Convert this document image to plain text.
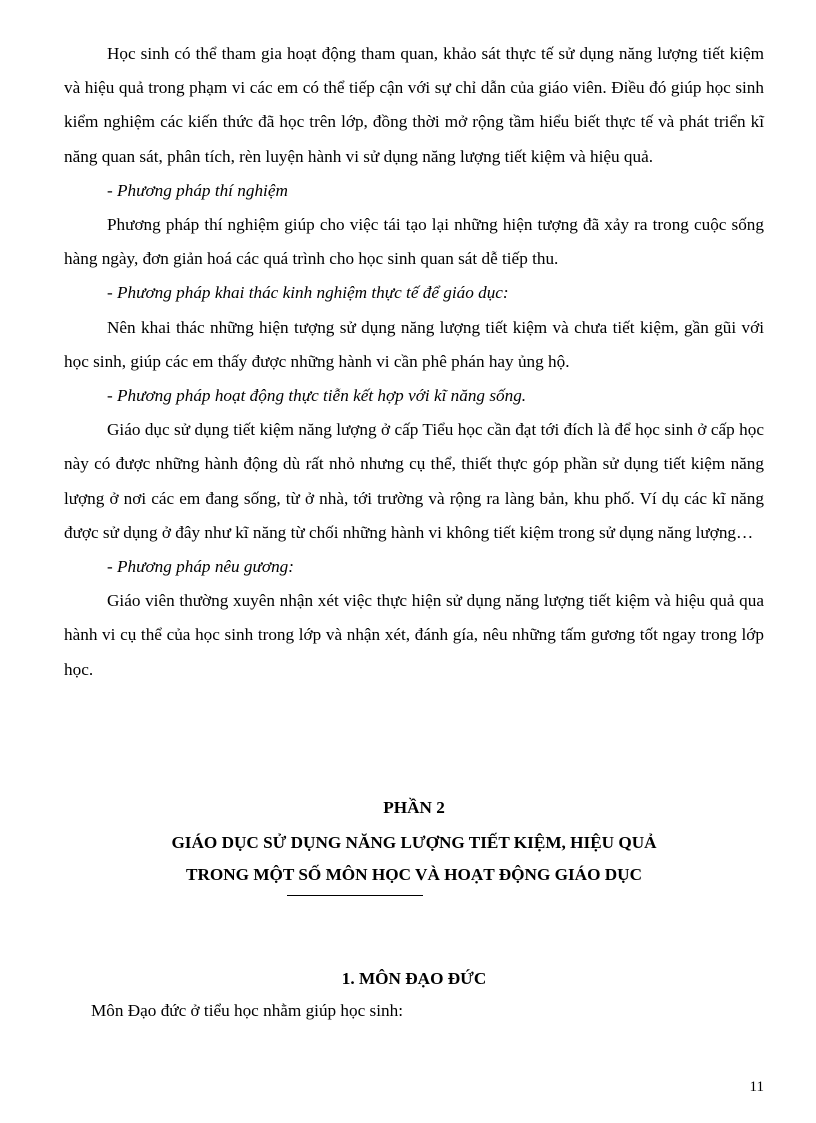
Học sinh có thể tham gia hoạt động tham quan, khảo sát thực tế sử dụng năng lượng tiết kiệm và hiệu quả trong phạm vi các em có thể tiếp cận với sự chỉ dẫn của giáo viên. Điều đó giúp học sinh kiểm nghiệm các kiến thức đã học trên lớp, đồng thời mở rộng tầm hiểu biết thực tế và phát triển kĩ năng quan sát, phân tích, rèn luyện hành vi sử dụng năng lượng tiết kiệm và hiệu quả.

- Phương pháp thí nghiệm

Phương pháp thí nghiệm giúp cho việc tái tạo lại những hiện tượng đã xảy ra trong cuộc sống hàng ngày, đơn giản hoá các quá trình cho học sinh quan sát dễ tiếp thu.

- Phương pháp khai thác kinh nghiệm thực tế để giáo dục:

Nên khai thác những hiện tượng sử dụng năng lượng tiết kiệm và chưa tiết kiệm, gần gũi với học sinh, giúp các em thấy được những hành vi cần phê phán hay ủng hộ.

- Phương pháp hoạt động thực tiễn kết hợp với kĩ năng sống.

Giáo dục sử dụng tiết kiệm năng lượng ở cấp Tiểu học cần đạt tới đích là để học sinh ở cấp học này có được những hành động dù rất nhỏ nhưng cụ thể, thiết thực góp phần sử dụng tiết kiệm năng lượng ở nơi các em đang sống, từ ở nhà, tới trường và rộng ra làng bản, khu phố. Ví dụ các kĩ năng được sử dụng ở đây như kĩ năng từ chối những hành vi không tiết kiệm trong sử dụng năng lượng…

- Phương pháp nêu gương:

Giáo viên thường xuyên nhận xét việc thực hiện sử dụng năng lượng tiết kiệm và hiệu quả qua hành vi cụ thể của học sinh trong lớp và nhận xét, đánh gía, nêu những tấm gương tốt ngay trong lớp học.

PHẦN 2
GIÁO DỤC SỬ DỤNG NĂNG LƯỢNG TIẾT KIỆM, HIỆU QUẢ
TRONG MỘT SỐ MÔN HỌC VÀ HOẠT ĐỘNG GIÁO DỤC
1. MÔN ĐẠO ĐỨC
Môn Đạo đức ở tiểu học nhằm giúp học sinh:
11
